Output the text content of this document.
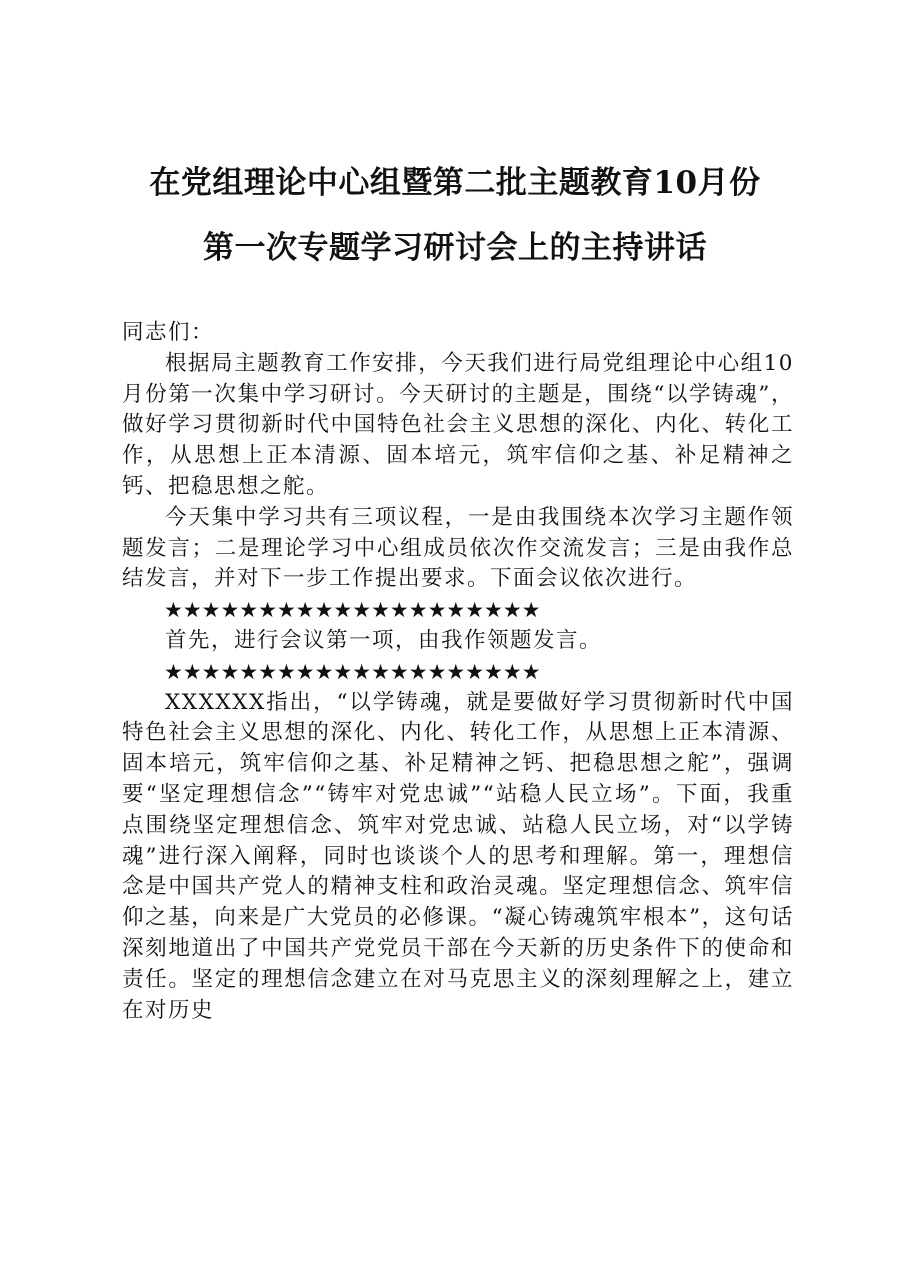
在党组理论中心组暨第二批主题教育10月份
第一次专题学习研讨会上的主持讲话

同志们：

根据局主题教育工作安排，今天我们进行局党组理论中心组10月份第一次集中学习研讨。今天研讨的主题是，围绕“以学铸魂”，做好学习贯彻新时代中国特色社会主义思想的深化、内化、转化工作，从思想上正本清源、固本培元，筑牢信仰之基、补足精神之钙、把稳思想之舵。

今天集中学习共有三项议程，一是由我围绕本次学习主题作领题发言；二是理论学习中心组成员依次作交流发言；三是由我作总结发言，并对下一步工作提出要求。下面会议依次进行。

★★★★★★★★★★★★★★★★★★★★

首先，进行会议第一项，由我作领题发言。

★★★★★★★★★★★★★★★★★★★★

XXXXXX指出，“以学铸魂，就是要做好学习贯彻新时代中国特色社会主义思想的深化、内化、转化工作，从思想上正本清源、固本培元，筑牢信仰之基、补足精神之钙、把稳思想之舵”，强调要“坚定理想信念”“铸牢对党忠诚”“站稳人民立场”。下面，我重点围绕坚定理想信念、筑牢对党忠诚、站稳人民立场，对“以学铸魂”进行深入阐释，同时也谈谈个人的思考和理解。第一，理想信念是中国共产党人的精神支柱和政治灵魂。坚定理想信念、筑牢信仰之基，向来是广大党员的必修课。“凝心铸魂筑牢根本”，这句话深刻地道出了中国共产党党员干部在今天新的历史条件下的使命和责任。坚定的理想信念建立在对马克思主义的深刻理解之上，建立在对历史
